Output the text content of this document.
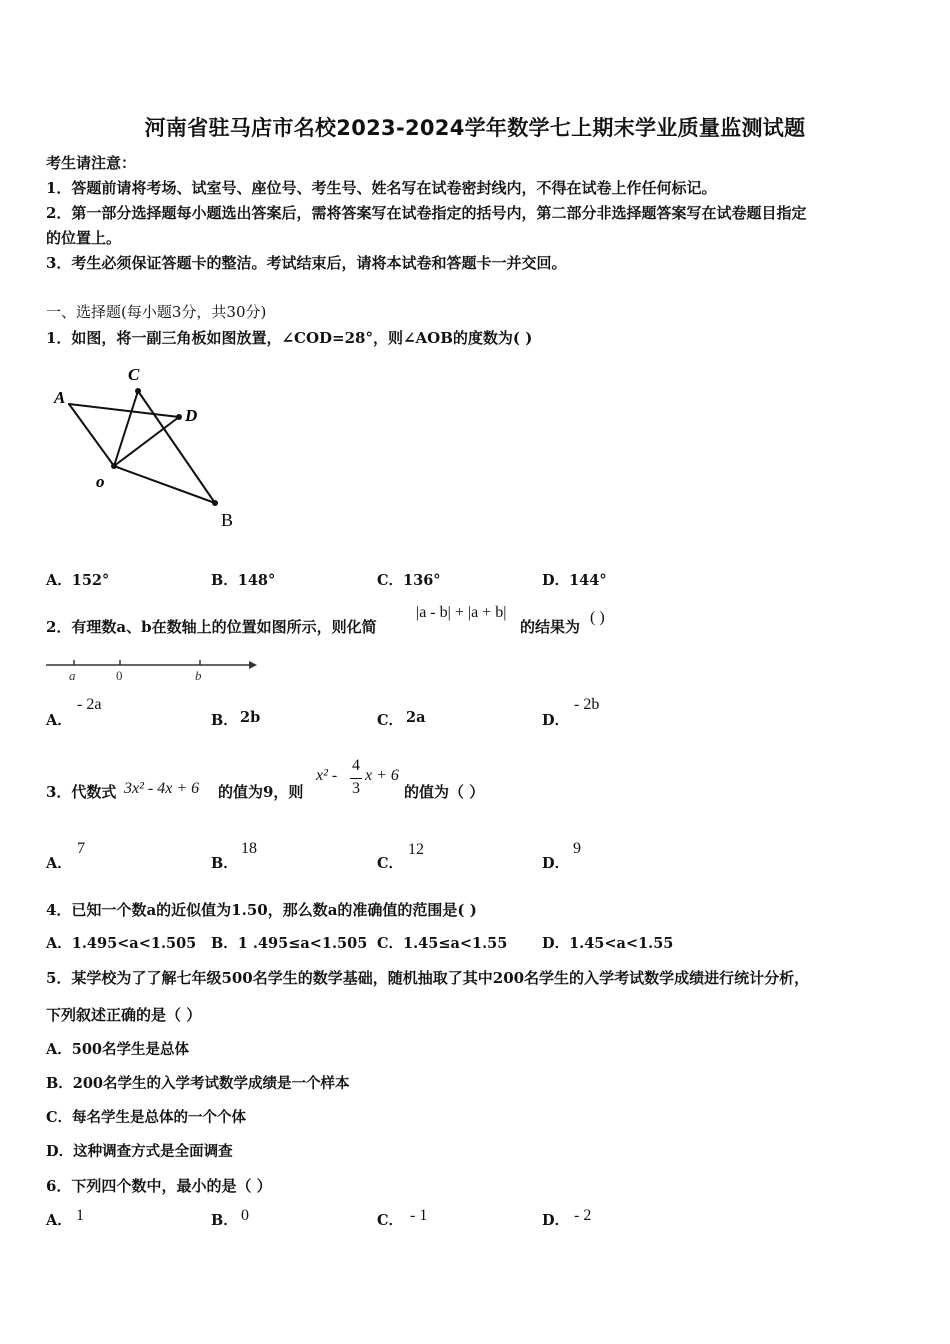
河南省驻马店市名校2023-2024学年数学七上期末学业质量监测试题
考生请注意：
1．答题前请将考场、试室号、座位号、考生号、姓名写在试卷密封线内，不得在试卷上作任何标记。
2．第一部分选择题每小题选出答案后，需将答案写在试卷指定的括号内，第二部分非选择题答案写在试卷题目指定
的位置上。
3．考生必须保证答题卡的整洁。考试结束后，请将本试卷和答题卡一并交回。
一、选择题(每小题3分，共30分)
1．如图，将一副三角板如图放置，∠COD=28°，则∠AOB的度数为( )
A
C
D
o
B
A．152°	B．148°	C．136°	D．144°
2．有理数a、b在数轴上的位置如图所示，则化简
|a - b| + |a + b|
的结果为
( )
a	0	b
A．
- 2a
B． 2b	C． 2a	D．
- 2b
3．代数式 3x² - 4x + 6 的值为9，则
x² -
4
3
x + 6
的值为（ ）
A．
7
B．
18
C．
12
D．
9
4．已知一个数a的近似值为1.50，那么数a的准确值的范围是( )
A．1.495<a<1.505 B．1 .495≤a<1.505 C．1.45≤a<1.55 D．1.45<a<1.55
5．某学校为了了解七年级500名学生的数学基础，随机抽取了其中200名学生的入学考试数学成绩进行统计分析，
下列叙述正确的是（ ）
A．500名学生是总体
B．200名学生的入学考试数学成绩是一个样本
C．每名学生是总体的一个个体
D．这种调查方式是全面调查
6．下列四个数中，最小的是（ ）
A． 1	B． 0	C． - 1	D． - 2
